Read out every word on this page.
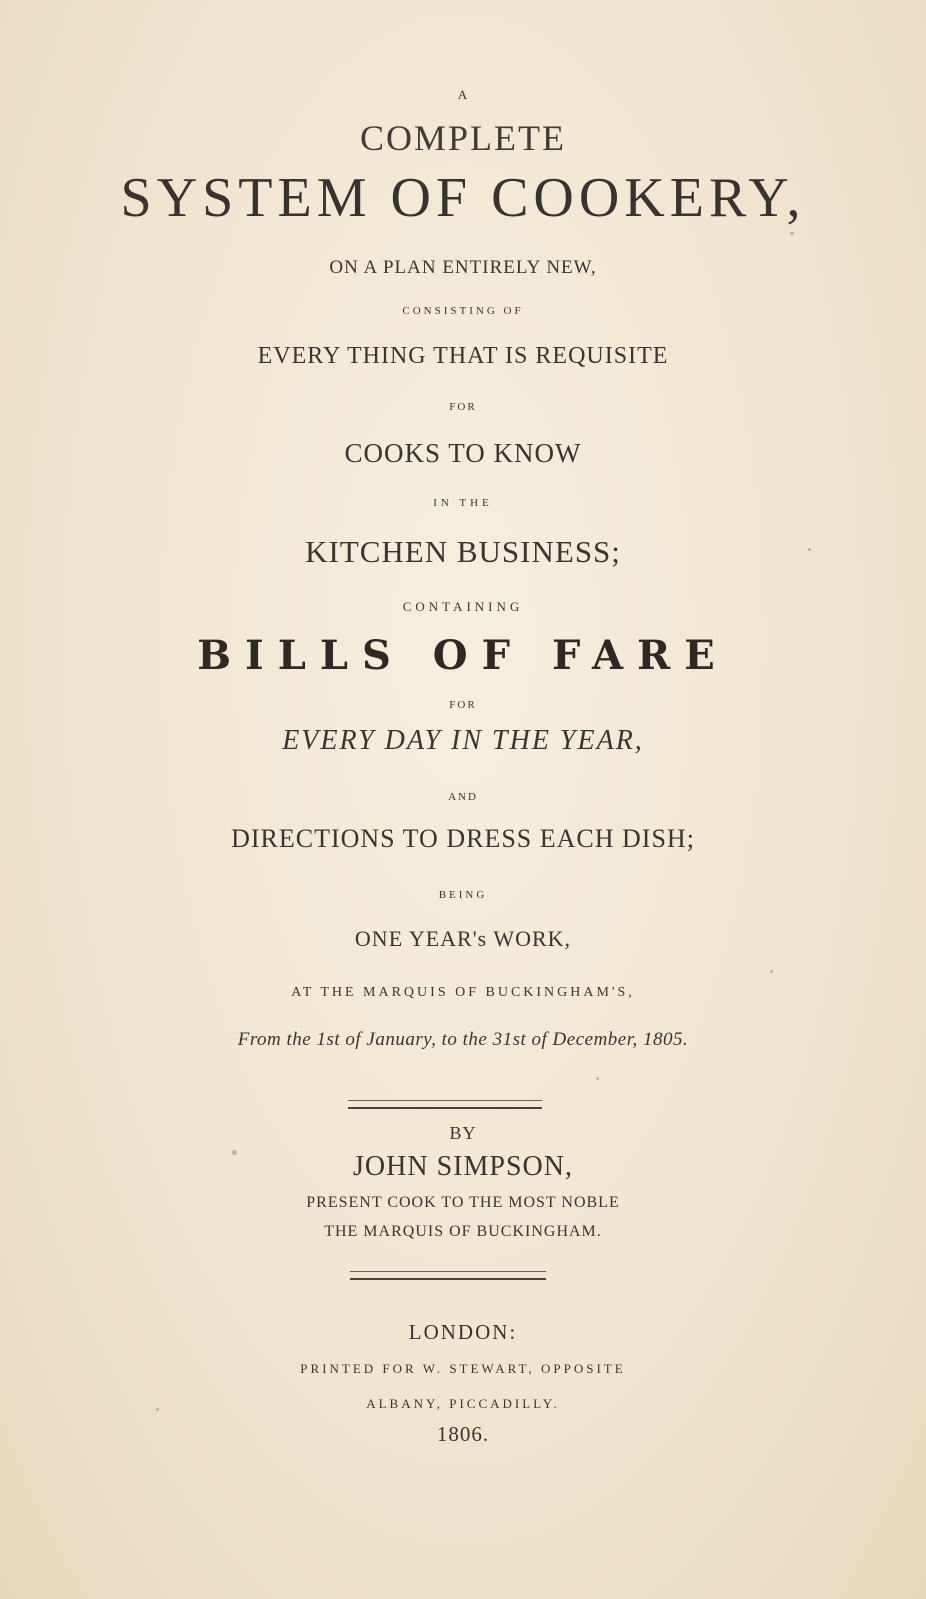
A
COMPLETE
SYSTEM OF COOKERY,
ON A PLAN ENTIRELY NEW,
CONSISTING OF
EVERY THING THAT IS REQUISITE
FOR
COOKS TO KNOW
IN THE
KITCHEN BUSINESS;
CONTAINING
BILLS OF FARE
FOR
EVERY DAY IN THE YEAR,
AND
DIRECTIONS TO DRESS EACH DISH;
BEING
ONE YEAR's WORK,
AT THE MARQUIS OF BUCKINGHAM'S,
From the 1st of January, to the 31st of December, 1805.
BY
JOHN SIMPSON,
PRESENT COOK TO THE MOST NOBLE
THE MARQUIS OF BUCKINGHAM.
LONDON:
PRINTED FOR W. STEWART, OPPOSITE
ALBANY, PICCADILLY.
1806.
